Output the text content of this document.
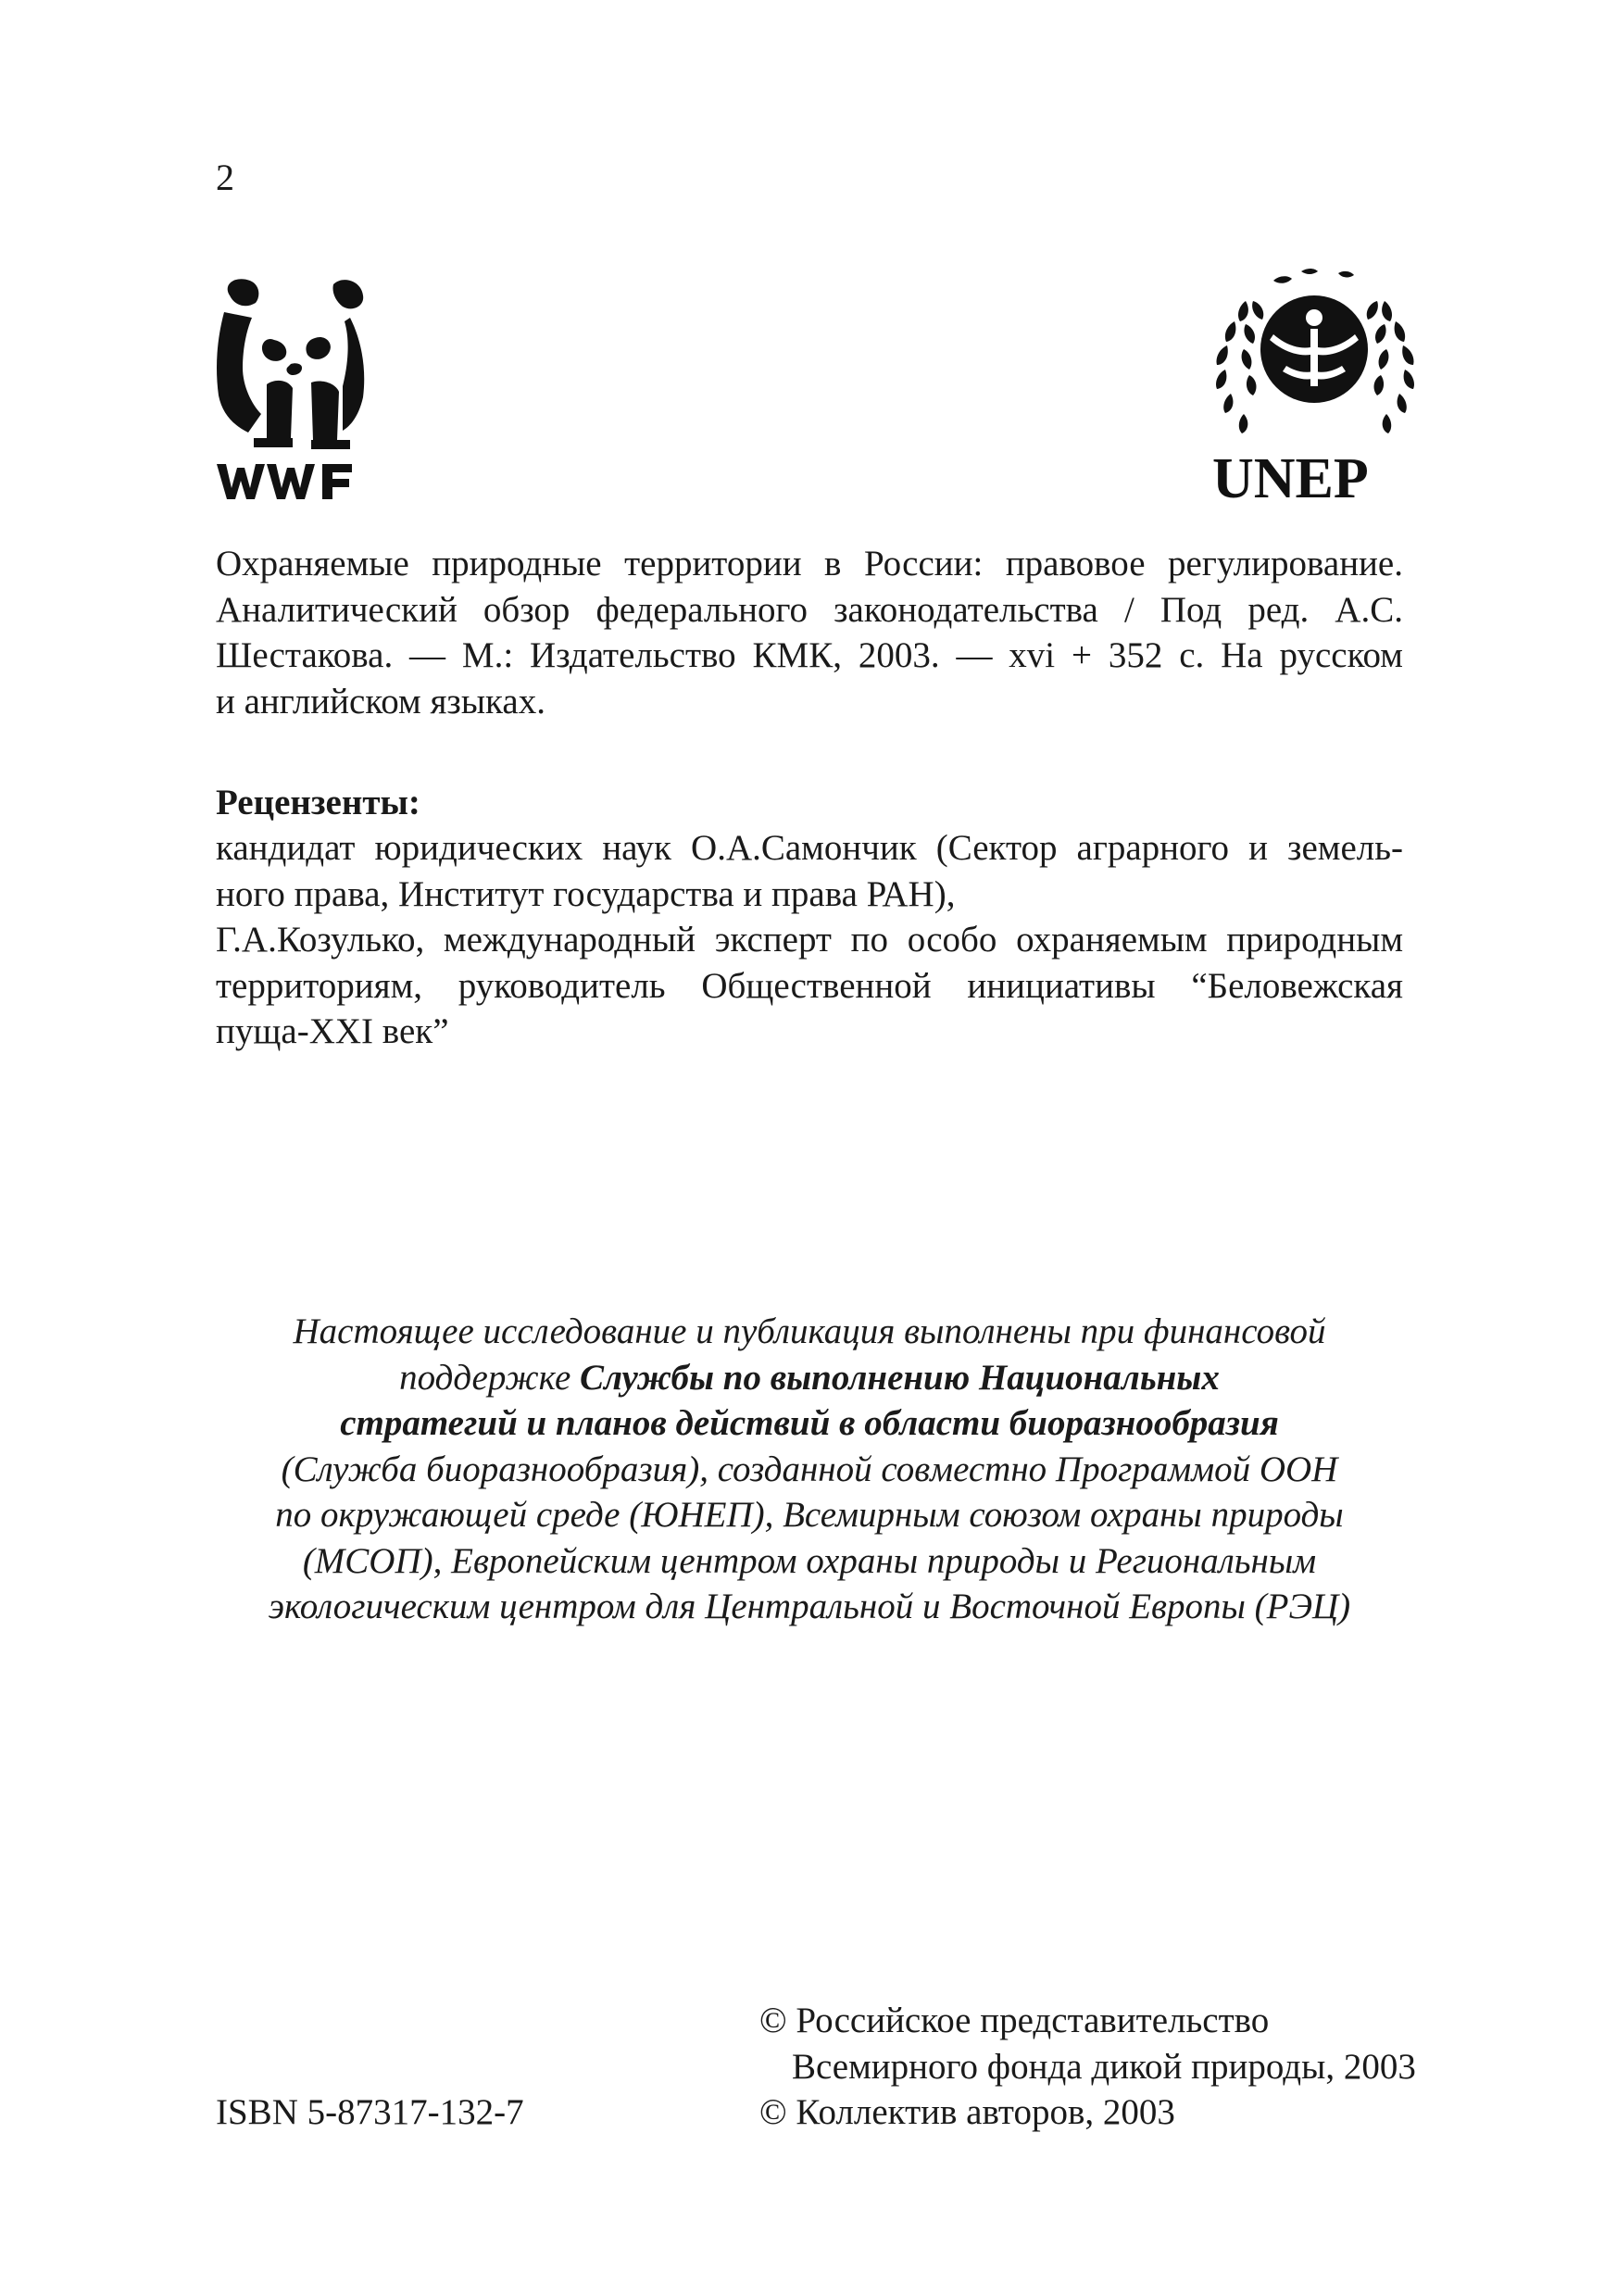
2
UNEP
Охраняемые природные территории в России: правовое регулирование.
Аналитический обзор федерального законодательства / Под ред. А.С.
Шестакова. — М.: Издательство КМК, 2003. — xvi + 352 с. На русском
и английском языках.
Рецензенты:
кандидат юридических наук О.А.Самончик (Сектор аграрного и земель-
ного права, Институт государства и права РАН),
Г.А.Козулько, международный эксперт по особо охраняемым природным
территориям, руководитель Общественной инициативы “Беловежская
пуща-XXI век”
Настоящее исследование и публикация выполнены при финансовой
поддержке Службы по выполнению Национальных
стратегий и планов действий в области биоразнообразия
(Служба биоразнообразия), созданной совместно Программой ООН
по окружающей среде (ЮНЕП), Всемирным союзом охраны природы
(МСОП), Европейским центром охраны природы и Региональным
экологическим центром для Центральной и Восточной Европы (РЭЦ)
© Российское представительство
Всемирного фонда дикой природы, 2003
© Коллектив авторов, 2003
ISBN 5-87317-132-7
